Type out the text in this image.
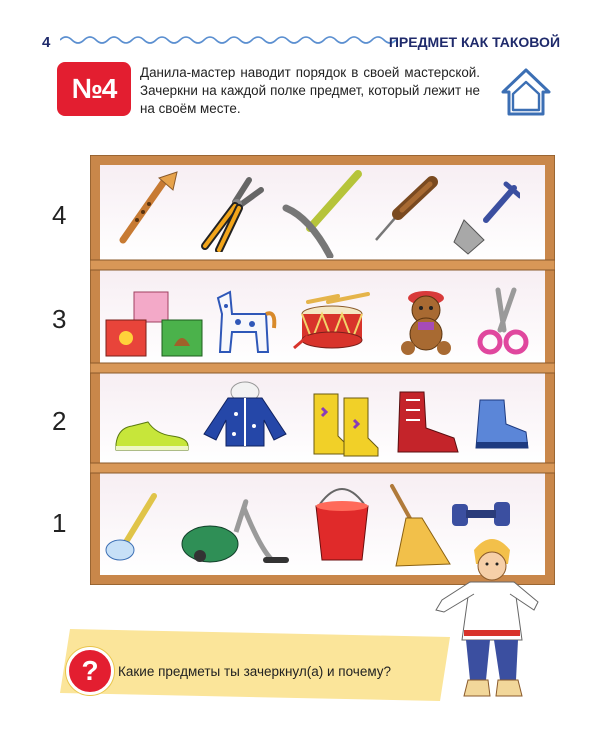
4	ПРЕДМЕТ КАК ТАКОВОЙ
№4
Данила-мастер наводит порядок в своей мастерской. Зачеркни на каждой полке предмет, который лежит не на своём месте.
4
3
2
1
?	Какие предметы ты зачеркнул(а) и почему?
